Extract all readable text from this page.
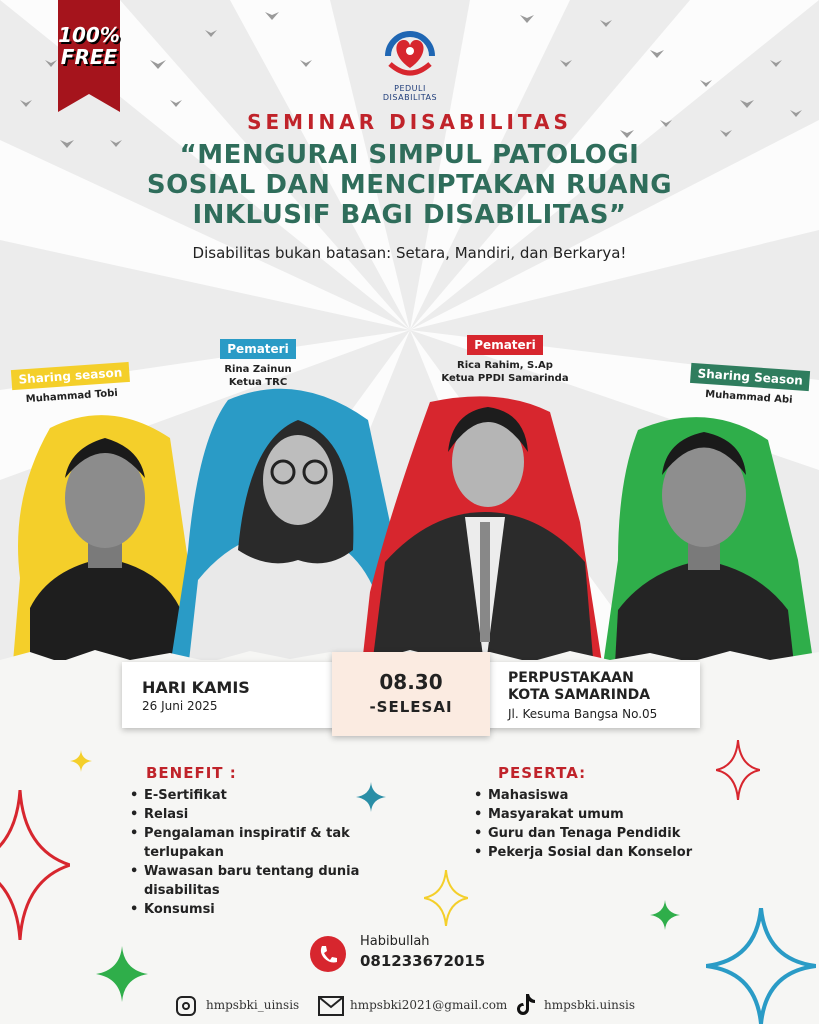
100%
FREE
PEDULI DISABILITAS
SEMINAR DISABILITAS
“MENGURAI SIMPUL PATOLOGI
SOSIAL DAN MENCIPTAKAN RUANG
INKLUSIF BAGI DISABILITAS”
Disabilitas bukan batasan: Setara, Mandiri, dan Berkarya!
Sharing season
Muhammad Tobi
Pemateri
Rina Zainun
Ketua TRC
Pemateri
Rica Rahim, S.Ap
Ketua PPDI Samarinda	Sharing Season
Muhammad Abi
HARI KAMIS
26 Juni 2025
PERPUSTAKAAN
KOTA SAMARINDA
Jl. Kesuma Bangsa No.05
08.30
-SELESAI
BENEFIT :
• E-Sertifikat
• Relasi
• Pengalaman inspiratif & tak
terlupakan
• Wawasan baru tentang dunia
disabilitas
• Konsumsi
PESERTA:
• Mahasiswa
• Masyarakat umum
• Guru dan Tenaga Pendidik
• Pekerja Sosial dan Konselor
Habibullah
081233672015
hmpsbki_uinsis	hmpsbki2021@gmail.com	hmpsbki.uinsis
